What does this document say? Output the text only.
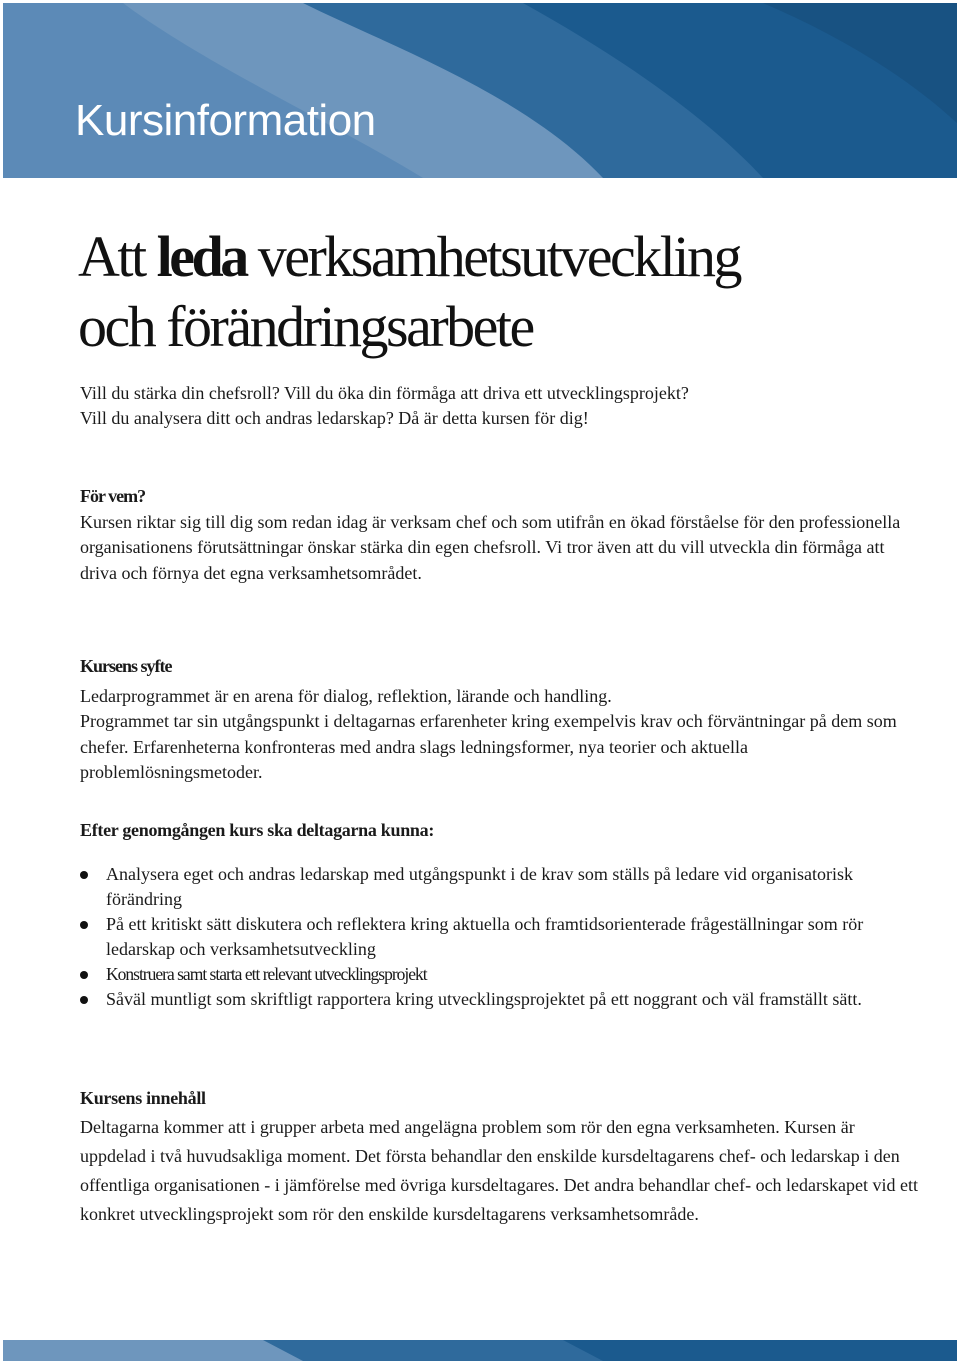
Kursinformation
Att leda verksamhetsutveckling
och förändringsarbete

Vill du stärka din chefsroll? Vill du öka din förmåga att driva ett utvecklingsprojekt?

Vill du analysera ditt och andras ledarskap? Då är detta kursen för dig!

För vem?

Kursen riktar sig till dig som redan idag är verksam chef och som utifrån en ökad förståelse för den professionella organisationens förutsättningar önskar stärka din egen chefsroll. Vi tror även att du vill utveckla din förmåga att driva och förnya det egna verksamhetsområdet.

Kursens syfte

Ledarprogrammet är en arena för dialog, reflektion, lärande och handling.

Programmet tar sin utgångspunkt i deltagarnas erfarenheter kring exempelvis krav och förväntningar på dem som chefer. Erfarenheterna konfronteras med andra slags ledningsformer, nya teorier och aktuella problemlösningsmetoder.

Efter genomgången kurs ska deltagarna kunna:
Analysera eget och andras ledarskap med utgångspunkt i de krav som ställs på ledare vid organisatorisk förändring
På ett kritiskt sätt diskutera och reflektera kring aktuella och framtidsorienterade frågeställningar som rör ledarskap och verksamhetsutveckling
Konstruera samt starta ett relevant utvecklingsprojekt
Såväl muntligt som skriftligt rapportera kring utvecklingsprojektet på ett noggrant och väl framställt sätt.
Kursens innehåll

Deltagarna kommer att i grupper arbeta med angelägna problem som rör den egna verksamheten. Kursen är uppdelad i två huvudsakliga moment. Det första behandlar den enskilde kursdeltagarens chef- och ledarskap i den offentliga organisationen - i jämförelse med övriga kursdeltagares. Det andra behandlar chef- och ledarskapet vid ett konkret utvecklingsprojekt som rör den enskilde kursdeltagarens verksamhetsområde.
